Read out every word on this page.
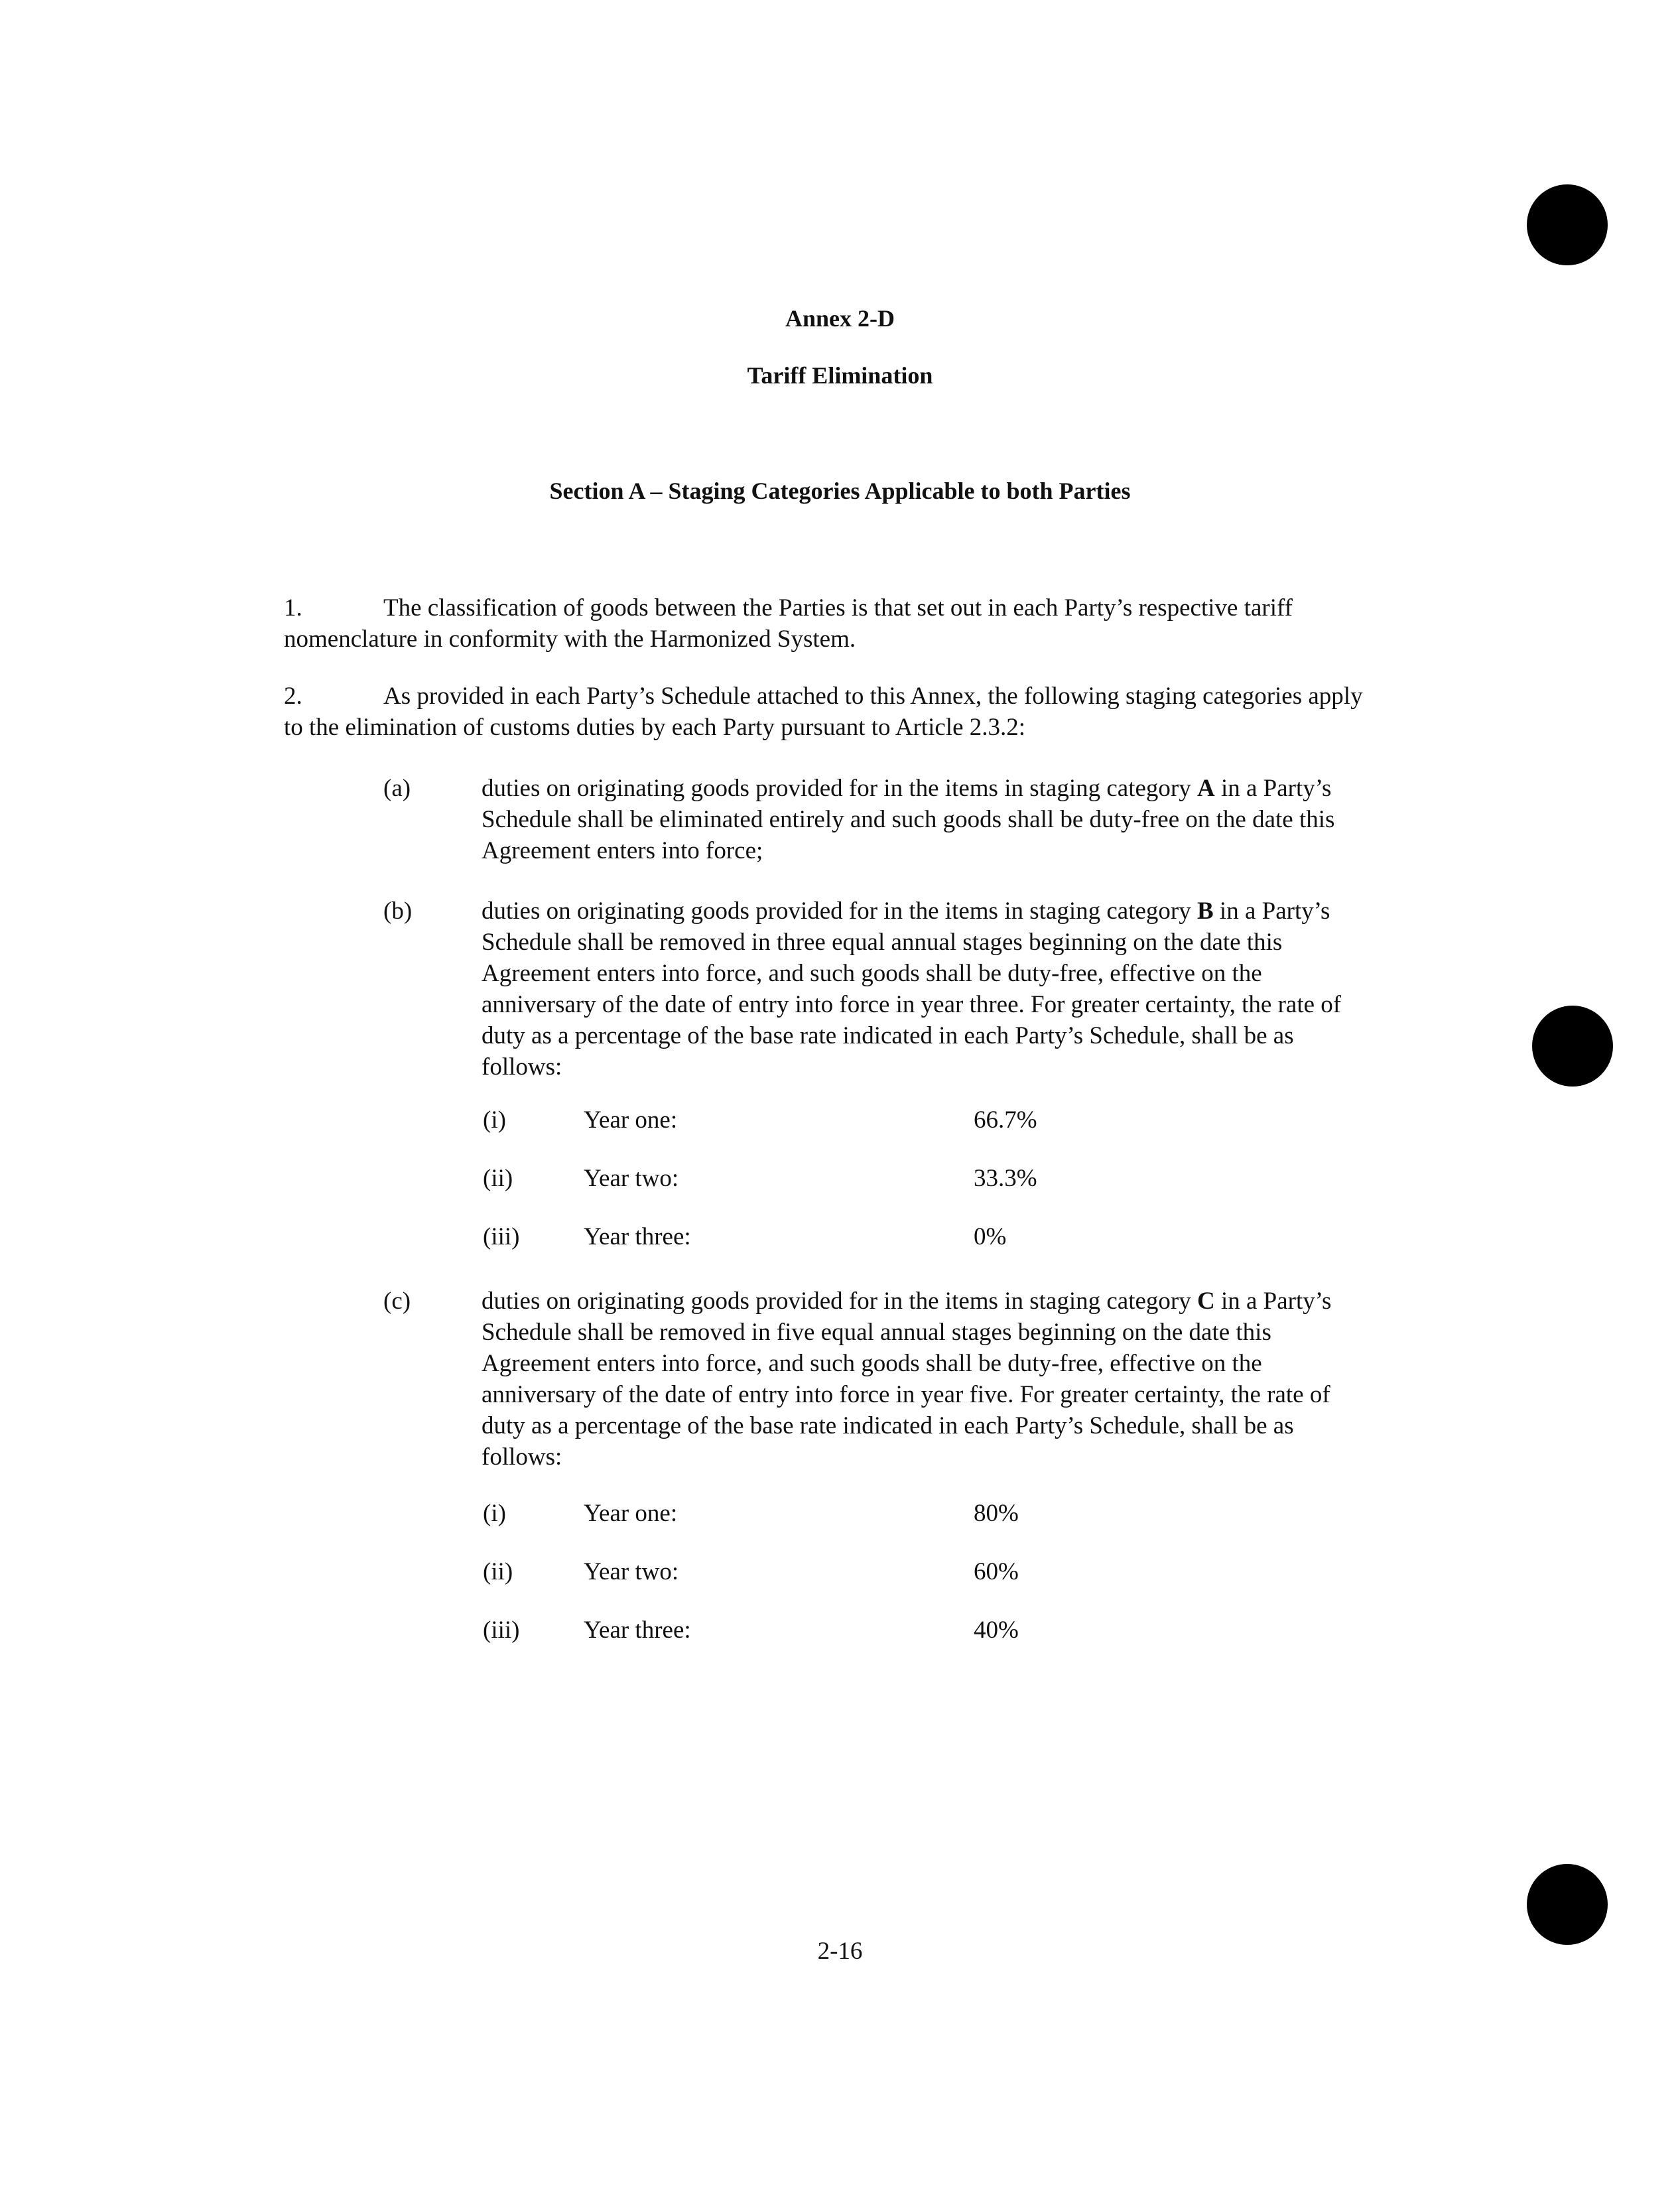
Annex 2-D
Tariff Elimination
Section A – Staging Categories Applicable to both Parties
1.	The classification of goods between the Parties is that set out in each Party’s respective tariff nomenclature in conformity with the Harmonized System.
2.	As provided in each Party’s Schedule attached to this Annex, the following staging categories apply to the elimination of customs duties by each Party pursuant to Article 2.3.2:
(a)	duties on originating goods provided for in the items in staging category A in a Party’s Schedule shall be eliminated entirely and such goods shall be duty-free on the date this Agreement enters into force;
(b)	duties on originating goods provided for in the items in staging category B in a Party’s Schedule shall be removed in three equal annual stages beginning on the date this Agreement enters into force, and such goods shall be duty-free, effective on the anniversary of the date of entry into force in year three. For greater certainty, the rate of duty as a percentage of the base rate indicated in each Party’s Schedule, shall be as follows:
(i)	Year one:	66.7%
(ii)	Year two:	33.3%
(iii)	Year three:	0%
(c)	duties on originating goods provided for in the items in staging category C in a Party’s Schedule shall be removed in five equal annual stages beginning on the date this Agreement enters into force, and such goods shall be duty-free, effective on the anniversary of the date of entry into force in year five. For greater certainty, the rate of duty as a percentage of the base rate indicated in each Party’s Schedule, shall be as follows:
(i)	Year one:	80%
(ii)	Year two:	60%
(iii)	Year three:	40%
2-16
